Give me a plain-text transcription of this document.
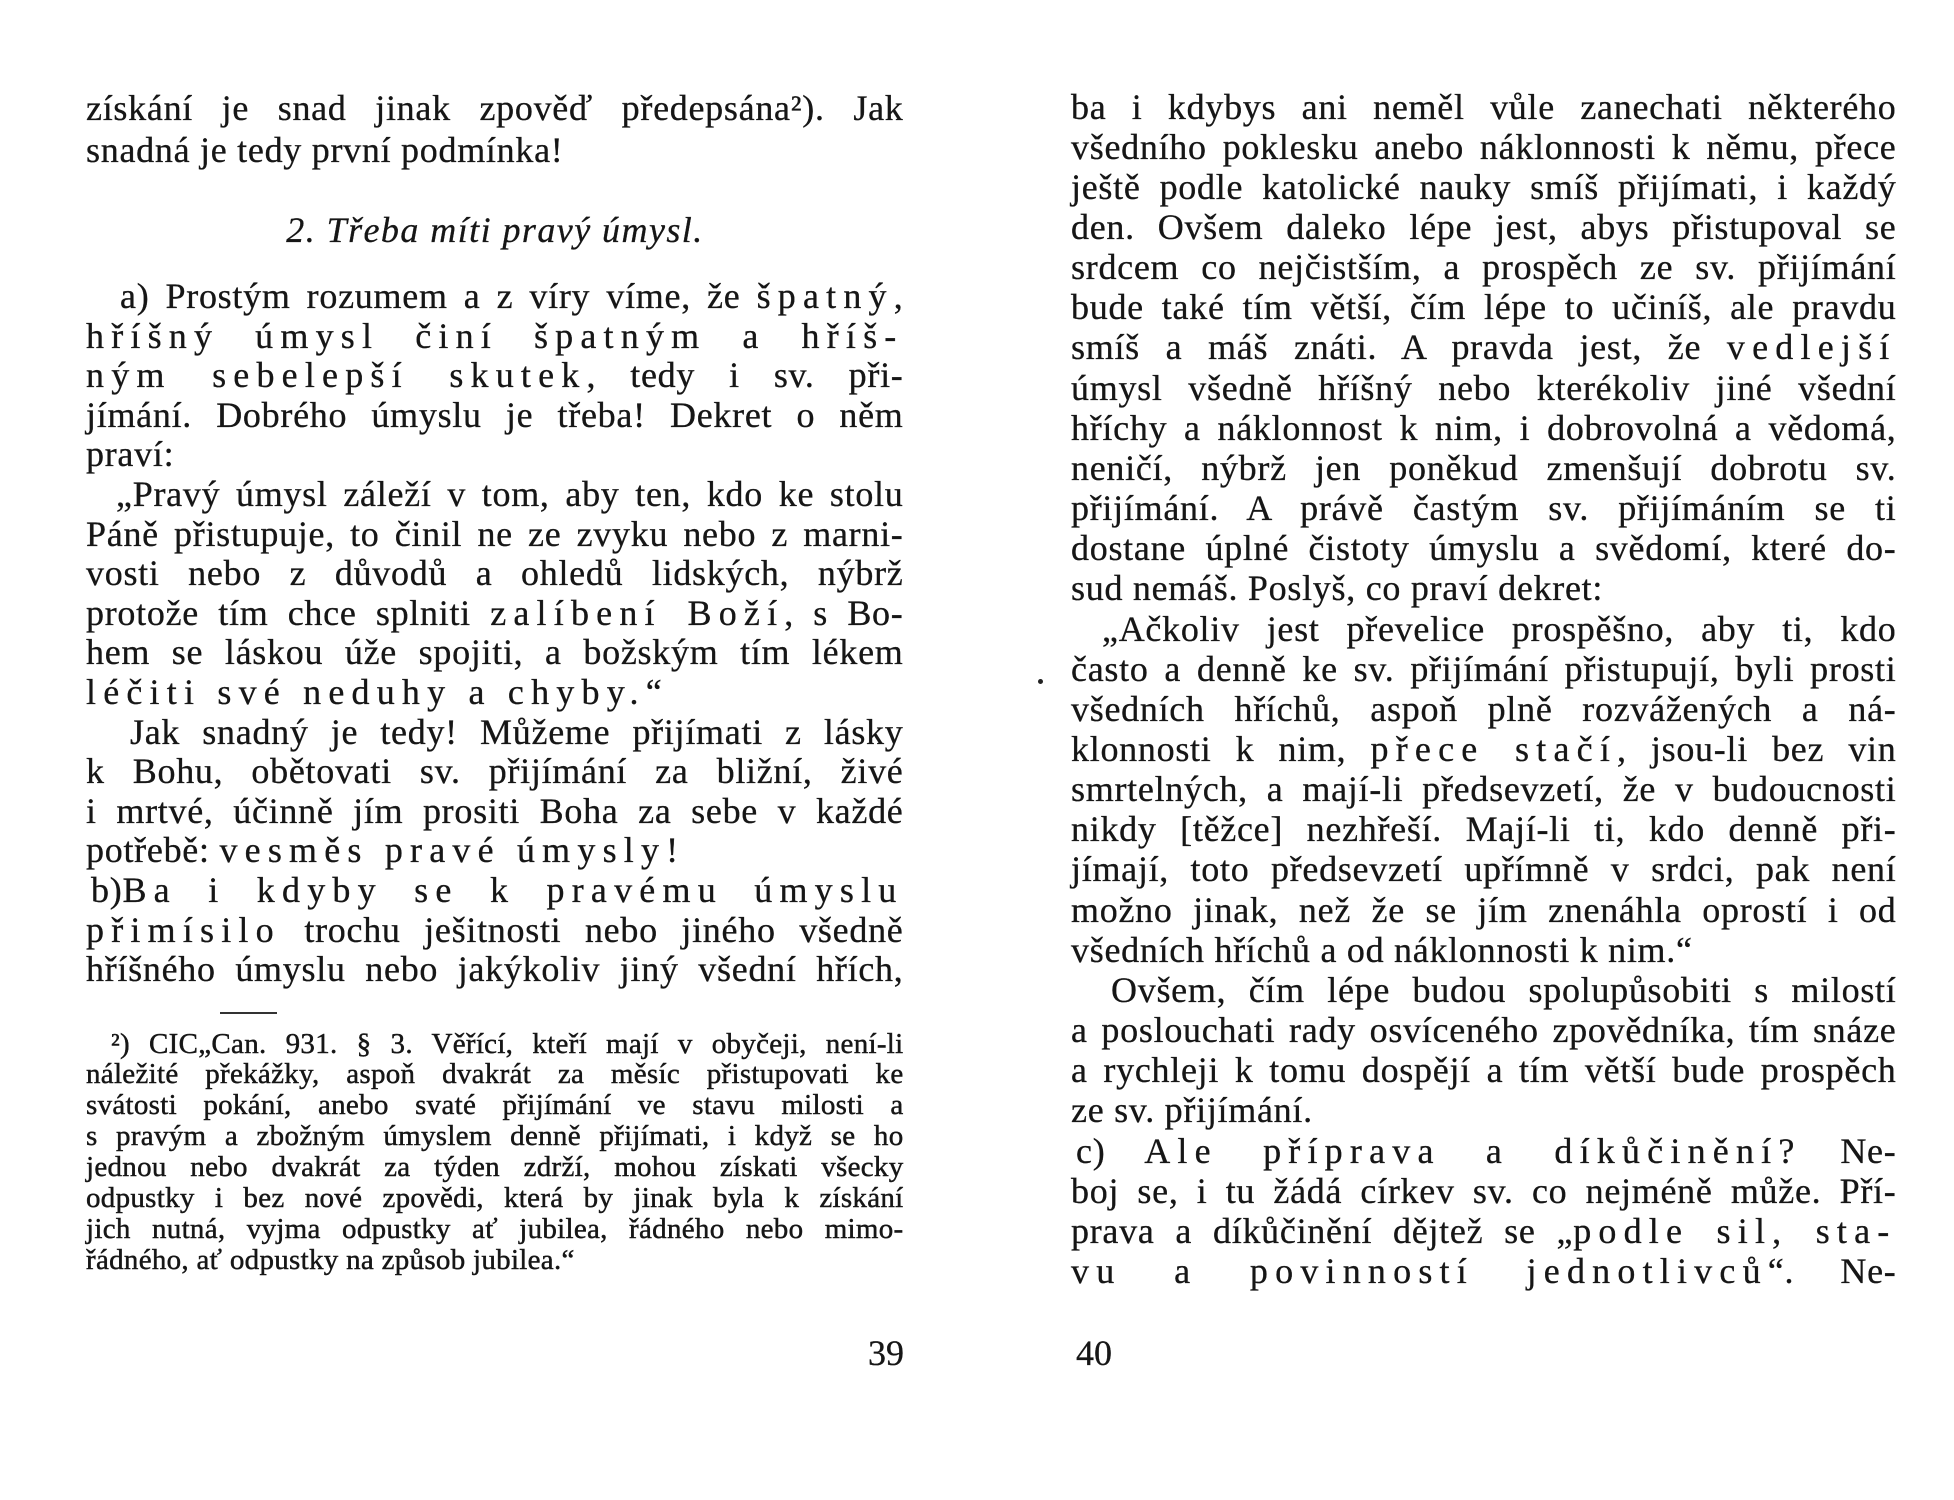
získání je snad jinak zpověď předepsána²). Jak
snadná je tedy první podmínka!
2. Třeba míti pravý úmysl.
a) Prostým rozumem a z víry víme, že špatný,
hříšný úmysl činí špatným a hříš-
ným sebelepší skutek, tedy i sv. při-
jímání. Dobrého úmyslu je třeba! Dekret o něm
praví:
„Pravý úmysl záleží v tom, aby ten, kdo ke stolu
Páně přistupuje, to činil ne ze zvyku nebo z marni-
vosti nebo z důvodů a ohledů lidských, nýbrž
protože tím chce splniti zalíbení Boží, s Bo-
hem se láskou úže spojiti, a božským tím lékem
léčiti své neduhy a chyby.“
Jak snadný je tedy! Můžeme přijímati z lásky
k Bohu, obětovati sv. přijímání za bližní, živé
i mrtvé, účinně jím prositi Boha za sebe v každé
potřebě: vesměs pravé úmysly!
b)Ba i kdyby se k pravému úmyslu
přimísilo trochu ješitnosti nebo jiného všedně
hříšného úmyslu nebo jakýkoliv jiný všední hřích,
²) CIC„Can. 931. § 3. Věřící, kteří mají v obyčeji, není-li
náležité překážky, aspoň dvakrát za měsíc přistupovati ke
svátosti pokání, anebo svaté přijímání ve stavu milosti a
s pravým a zbožným úmyslem denně přijímati, i když se ho
jednou nebo dvakrát za týden zdrží, mohou získati všecky
odpustky i bez nové zpovědi, která by jinak byla k získání
jich nutná, vyjma odpustky ať jubilea, řádného nebo mimo-
řádného, ať odpustky na způsob jubilea.“
39
ba i kdybys ani neměl vůle zanechati některého
všedního poklesku anebo náklonnosti k němu, přece
ještě podle katolické nauky smíš přijímati, i každý
den. Ovšem daleko lépe jest, abys přistupoval se
srdcem co nejčistším, a prospěch ze sv. přijímání
bude také tím větší, čím lépe to učiníš, ale pravdu
smíš a máš znáti. A pravda jest, že vedlejší
úmysl všedně hříšný nebo kterékoliv jiné všední
hříchy a náklonnost k nim, i dobrovolná a vědomá,
neničí, nýbrž jen poněkud zmenšují dobrotu sv.
přijímání. A právě častým sv. přijímáním se ti
dostane úplné čistoty úmyslu a svědomí, které do-
sud nemáš. Poslyš, co praví dekret:
„Ačkoliv jest převelice prospěšno, aby ti, kdo
často a denně ke sv. přijímání přistupují, byli prosti
všedních hříchů, aspoň plně rozvážených a ná-
klonnosti k nim, přece stačí, jsou-li bez vin
smrtelných, a mají-li předsevzetí, že v budoucnosti
nikdy [těžce] nezhřeší. Mají-li ti, kdo denně při-
jímají, toto předsevzetí upřímně v srdci, pak není
možno jinak, než že se jím znenáhla oprostí i od
všedních hříchů a od náklonnosti k nim.“
Ovšem, čím lépe budou spolupůsobiti s milostí
a poslouchati rady osvíceného zpovědníka, tím snáze
a rychleji k tomu dospějí a tím větší bude prospěch
ze sv. přijímání.
c) Ale příprava a díkůčinění? Ne-
boj se, i tu žádá církev sv. co nejméně může. Pří-
prava a díkůčinění dějtež se „podle sil, sta-
vu a povinností jednotlivců“. Ne-
40
